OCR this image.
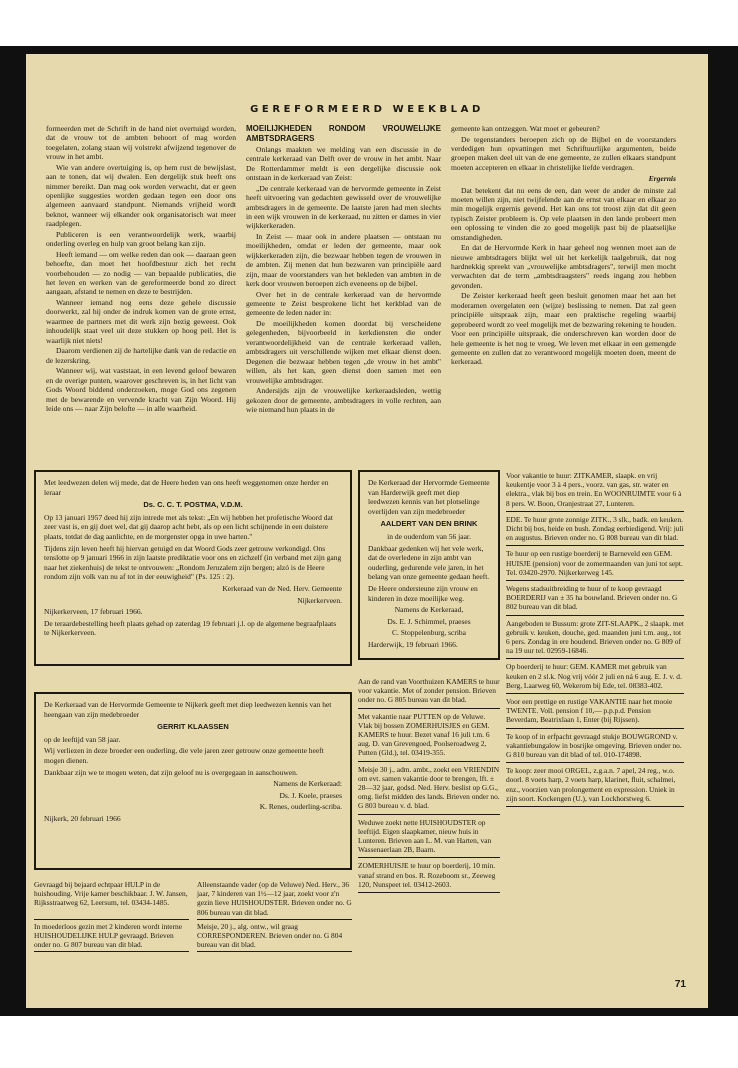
GEREFORMEERD WEEKBLAD

formeerden met de Schrift in de hand niet overtuigd worden, dat de vrouw tot de ambten behoort of mag worden toegelaten, zolang staan wij volstrekt afwijzend tegenover de vrouw in het ambt.

Wie van andere overtuiging is, op hem rust de bewijslast, aan te tonen, dat wij dwalen. Een dergelijk stuk heeft ons nimmer bereikt. Dan mag ook worden verwacht, dat er geen openlijke suggesties worden gedaan tegen een door ons algemeen aanvaard standpunt. Niemands vrijheid wordt beknot, wanneer wij elkander ook organisatorisch wat meer raadplegen.

Publiceren is een verantwoordelijk werk, waarbij onderling overleg en hulp van groot belang kan zijn.

Heeft iemand — om welke reden dan ook — daaraan geen behoefte, dan moet het hoofdbestuur zich het recht voorbehouden — zo nodig — van bepaalde publicaties, die het leven en werken van de gereformeerde bond zo direct aangaan, afstand te nemen en deze te bestrijden.

Wanneer iemand nog eens deze gehele discussie doorwerkt, zal hij onder de indruk komen van de grote ernst, waarmee de partners met dit werk zijn bezig geweest. Ook inhoudelijk staat veel uit deze stukken op hoog peil. Het is waarlijk niet niets!

Daarom verdienen zij de hartelijke dank van de redactie en de lezerskring.

Wanneer wij, wat vaststaat, in een levend geloof bewaren en de overige punten, waarover geschreven is, in het licht van Gods Woord biddend onderzoeken, moge God ons zegenen met de bewarende en vervende kracht van Zijn Woord. Hij leide ons — naar Zijn belofte — in alle waarheid.

MOEILIJKHEDEN RONDOM VROUWELIJKE AMBTSDRAGERS

Onlangs maakten we melding van een discussie in de centrale kerkeraad van Delft over de vrouw in het ambt. Naar De Rotterdammer meldt is een dergelijke discussie ook ontstaan in de kerkeraad van Zeist:

„De centrale kerkeraad van de hervormde gemeente in Zeist heeft uitvoering van gedachten gewisseld over de vrouwelijke ambtsdragers in de gemeente. De laatste jaren had men slechts in een wijk vrouwen in de kerkeraad, nu zitten er dames in vier wijkkerkeraden.

In Zeist — maar ook in andere plaatsen — ontstaan nu moeilijkheden, omdat er leden der gemeente, maar ook wijkkerkeraden zijn, die bezwaar hebben tegen de vrouwen in de ambten. Zij menen dat hun bezwaren van principiële aard zijn, maar de voorstanders van het bekleden van ambten in de kerk door vrouwen beroepen zich eveneens op de bijbel.

Over het in de centrale kerkeraad van de hervormde gemeente te Zeist besprokene licht het kerkblad van de gemeente de leden nader in:

De moeilijkheden komen doordat bij verscheidene gelegenheden, bijvoorbeeld in kerkdiensten die onder verantwoordelijkheid van de centrale kerkeraad vallen, ambtsdragers uit verschillende wijken met elkaar dienst doen. Degenen die bezwaar hebben tegen „de vrouw in het ambt" willen, als het kan, geen dienst doen samen met een vrouwelijke ambtsdrager.

Andersijds zijn de vrouwelijke kerkeraadsleden, wettig gekozen door de gemeente, ambtsdragers in volle rechten, aan wie niemand hun plaats in de

gemeente kan ontzeggen. Wat moet er gebeuren?

De tegenstanders beroepen zich op de Bijbel en de voorstanders verdedigen hun opvattingen met Schriftuurlijke argumenten, beide groepen maken deel uit van de ene gemeente, ze zullen elkaars standpunt moeten accepteren en elkaar in christelijke liefde verdragen.

Ergernis

Dat betekent dat nu eens de een, dan weer de ander de minste zal moeten willen zijn, niet twijfelende aan de ernst van elkaar en elkaar zo min mogelijk ergernis gevend. Het kan ons tot troost zijn dat dit geen typisch Zeister probleem is. Op vele plaatsen in den lande probeert men een oplossing te vinden die zo goed mogelijk past bij de plaatselijke omstandigheden.

En dat de Hervormde Kerk in haar geheel nog wennen moet aan de nieuwe ambtsdragers blijkt wel uit het kerkelijk taalgebruik, dat nog hardnekkig spreekt van „vrouwelijke ambtsdragers", terwijl men mocht verwachten dat de term „ambtsdraagsters" reeds ingang zou hebben gevonden.

De Zeister kerkeraad heeft geen besluit genomen maar het aan het moderamen overgelaten een (wijze) beslissing te nemen. Dat zal geen principiële uitspraak zijn, maar een praktische regeling waarbij geprobeerd wordt zo veel mogelijk met de bezwaring rekening te houden. Voor een principiële uitspraak, die onderschreven kan worden door de hele gemeente is het nog te vroeg. We leven met elkaar in een gemengde gemeente en zullen dat zo verantwoord mogelijk moeten doen, meent de kerkeraad.

Met leedwezen delen wij mede, dat de Heere heden van ons heeft weggenomen onze herder en leraar

Ds. C. C. T. POSTMA, V.D.M.

Op 13 januari 1957 deed hij zijn intrede met als tekst: „En wij hebben het profetische Woord dat zeer vast is, en gij doet wel, dat gij daarop acht hebt, als op een licht schijnende in een duistere plaats, totdat de dag aanlichte, en de morgenster opga in uwe harten."

Tijdens zijn leven heeft hij hiervan getuigd en dat Woord Gods zeer getrouw verkondigd. Ons tenslotte op 9 januari 1966 in zijn laatste prediktatie voor ons en zichzelf (in verband met zijn gang naar het ziekenhuis) de tekst te ontvouwen: „Rondom Jeruzalem zijn bergen; alzó is de Heere rondom zijn volk van nu af tot in der eeuwigheid" (Ps. 125 : 2).

Kerkeraad van de Ned. Herv. Gemeente

Nijkerkerveen.

Nijkerkerveen, 17 februari 1966.

De teraardebestelling heeft plaats gehad op zaterdag 19 februari j.l. op de algemene begraafplaats te Nijkerkerveen.

De Kerkeraad der Hervormde Gemeente van Harderwijk geeft met diep leedwezen kennis van het plotselinge overlijden van zijn medebroeder

AALDERT VAN DEN BRINK

in de ouderdom van 56 jaar.

Dankbaar gedenken wij het vele werk, dat de overledene in zijn ambt van ouderling, gedurende vele jaren, in het belang van onze gemeente gedaan heeft.

De Heere ondersteune zijn vrouw en kinderen in deze moeilijke weg.

Namens de Kerkeraad,

Ds. E. J. Schimmel, praeses

C. Stoppelenburg, scriba

Harderwijk, 19 februari 1966.

De Kerkeraad van de Hervormde Gemeente te Nijkerk geeft met diep leedwezen kennis van het heengaan van zijn medebroeder

GERRIT KLAASSEN

op de leeftijd van 58 jaar.

Wij verliezen in deze broeder een ouderling, die vele jaren zeer getrouw onze gemeente heeft mogen dienen.

Dankbaar zijn we te mogen weten, dat zijn geloof nu is overgegaan in aanschouwen.

Namens de Kerkeraad:

Ds. J. Koele, praeses

K. Renes, ouderling-scriba.

Nijkerk, 20 februari 1966

Voor vakantie te huur: ZITKAMER, slaapk. en vrij keukentje voor 3 à 4 pers., voorz. van gas, str. water en elektra., vlak bij bos en trein. En WOONRUIMTE voor 6 à 8 pers. W. Boon, Oranjestraat 27, Lunteren.
EDE. Te huur grote zonnige ZITK., 3 slk., badk. en keuken. Dicht bij bos, heide en bush. Zondag eerbiedigend. Vrij: juli en augustus. Brieven onder no. G 808 bureau van dit blad.
Te huur op een rustige boerderij te Barneveld een GEM. HUISJE (pension) voor de zomermaanden van juni tot sept. Tel. 03420-2970. Nijkerkerweg 145.
Wegens stadsuitbreiding te huur of te koop gevraagd BOERDERIJ van ± 35 ha bouwland. Brieven onder no. G 802 bureau van dit blad.
Aangeboden te Bussum: grote ZIT-SLAAPK., 2 slaapk. met gebruik v. keuken, douche, ged. maanden juni t.m. aug., tot 6 pers. Zondag in ere houdend. Brieven onder no. G 809 of na 19 uur tel. 02959-16846.
Op boerderij te huur: GEM. KAMER met gebruik van keuken en 2 sl.k. Nog vrij vóór 2 juli en ná 6 aug. E. J. v. d. Berg, Laarweg 60, Wekerom bij Ede, tel. 08383-402.
Voor een prettige en rustige VAKANTIE naar het mooie TWENTE. Voll. pension f 10,— p.p.p.d. Pension Beverdam, Beatrixlaan 1, Enter (bij Rijssen).
Te koop of in erfpacht gevraagd stukje BOUWGROND v. vakantiebungalow in bosrijke omgeving. Brieven onder no. G 810 bureau van dit blad of tel. 010-174898.
Te koop: zeer mooi ORGEL, z.g.a.n. 7 apel, 24 reg., w.o. doorl. 8 voets harp, 2 voets harp, klarinet, fluit, schalmei, enz., voorzien van prolongement en expression. Uniek in zijn soort. Kockengen (U.), van Lockhorstweg 6.
Aan de rand van Voorthuizen KAMERS te huur voor vakantie. Met of zonder pension. Brieven onder no. G 805 bureau van dit blad.
Met vakantie naar PUTTEN op de Veluwe. Vlak bij bossen ZOMERHUISJES en GEM. KAMERS te huur. Bezet vanaf 16 juli t.m. 6 aug. D. van Grevengoed, Poolseroadweg 2, Putten (Gld.), tel. 03419-355.
Meisje 30 j., adm. ambt., zoekt een VRIENDIN om evt. samen vakantie door te brengen, lft. ± 28—32 jaar, godsd. Ned. Herv. beslist op G.G., omg. liefst midden des lands. Brieven onder no. G 803 bureau v. d. blad.
Weduwe zoekt nette HUISHOUDSTER op leeftijd. Eigen slaapkamer, nieuw huis in Lunteren. Brieven aan L. M. van Harten, van Wassenaerlaan 2B, Baarn.
ZOMERHUISJE te huur op boerderij, 10 min. vanaf strand en bos. R. Rozeboom sr., Zeeweg 120, Nunspeet tel. 03412-2603.
Gevraagd bij bejaard echtpaar HULP in de huishouding. Vrije kamer beschikbaar. J. W. Jansen, Rijksstraatweg 62, Leersum, tel. 03434-1485.
Alleenstaande vader (op de Veluwe) Ned. Herv., 36 jaar, 7 kinderen van 1½—12 jaar, zoekt voor z'n gezin lieve HUISHOUDSTER. Brieven onder no. G 806 bureau van dit blad.
In moederloos gezin met 2 kinderen wordt interne HUISHOUDELIJKE HULP gevraagd. Brieven onder no. G 807 bureau van dit blad.
Meisje, 20 j., alg. ontw., wil graag CORRESPONDEREN. Brieven onder no. G 804 bureau van dit blad.
71
